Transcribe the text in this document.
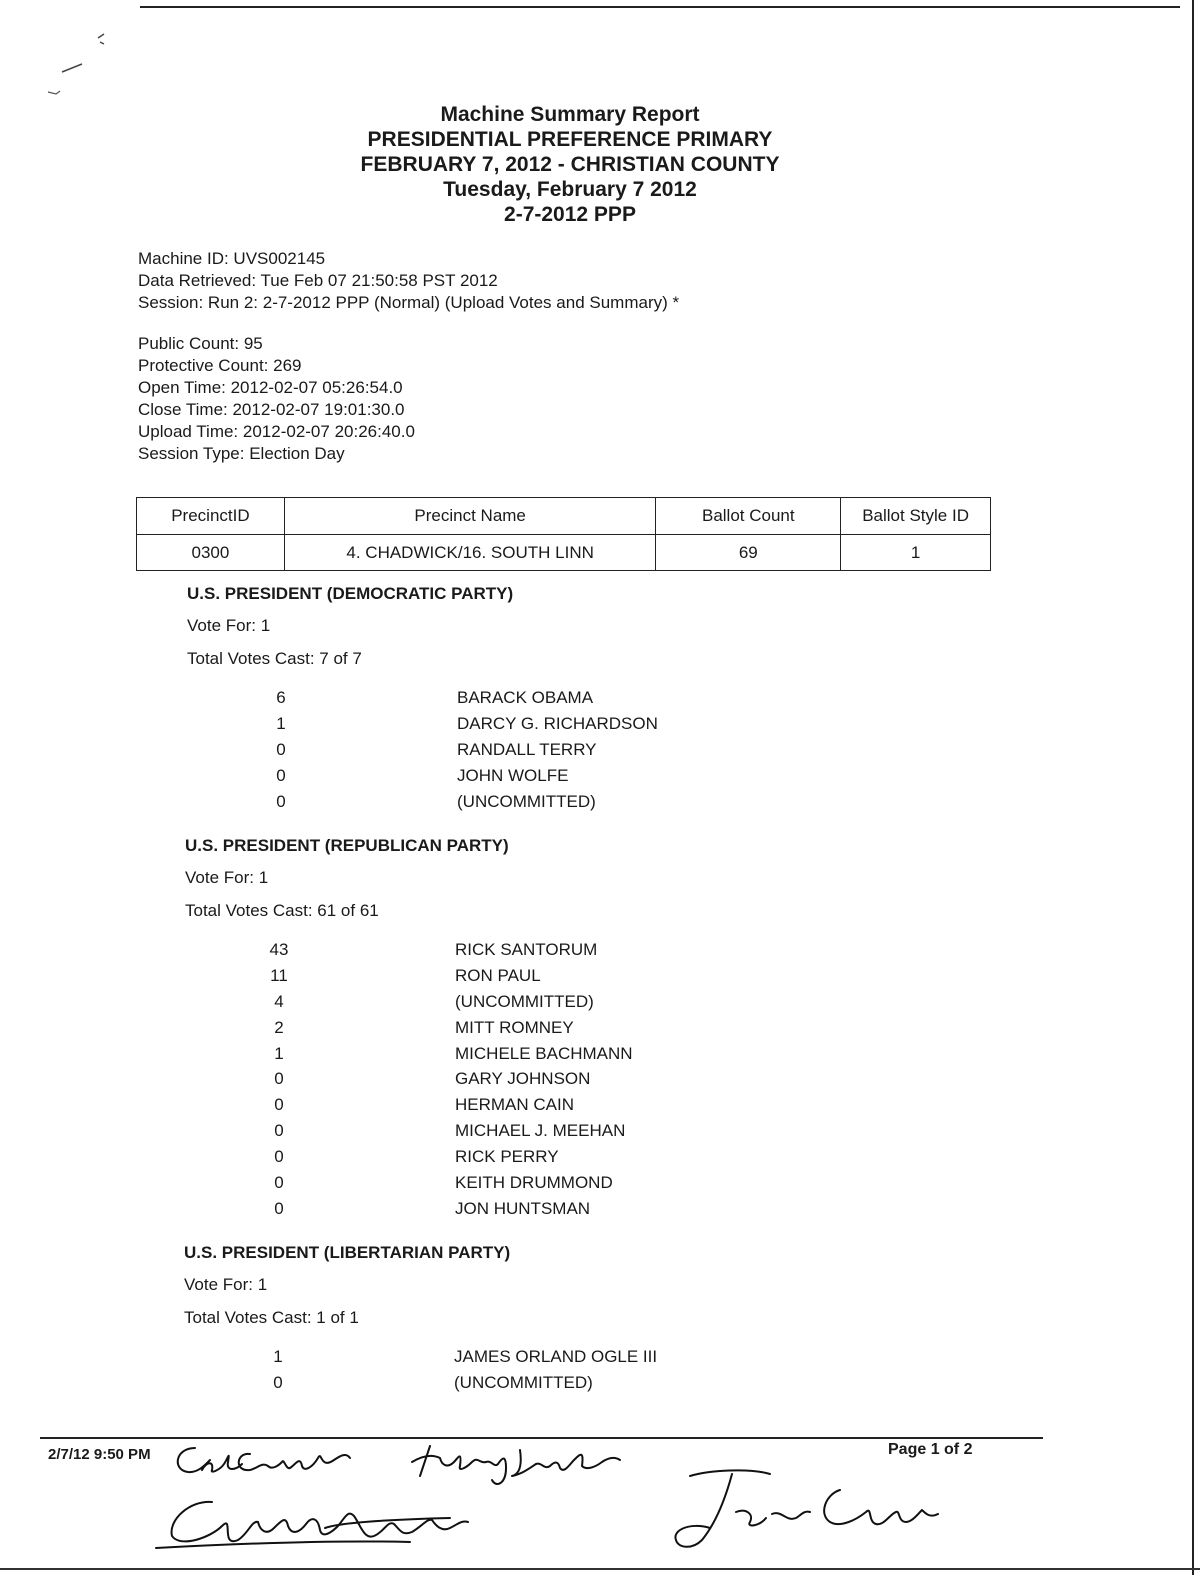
Machine Summary Report
PRESIDENTIAL PREFERENCE PRIMARY
FEBRUARY 7, 2012 - CHRISTIAN COUNTY
Tuesday, February 7 2012
2-7-2012 PPP
Machine ID: UVS002145
Data Retrieved: Tue Feb 07 21:50:58 PST 2012
Session: Run 2: 2-7-2012 PPP (Normal) (Upload Votes and Summary) *
Public Count: 95
Protective Count: 269
Open Time: 2012-02-07 05:26:54.0
Close Time: 2012-02-07 19:01:30.0
Upload Time: 2012-02-07 20:26:40.0
Session Type: Election Day
PrecinctID	Precinct Name	Ballot Count	Ballot Style ID
0300	4. CHADWICK/16. SOUTH LINN	69	1
U.S. PRESIDENT (DEMOCRATIC PARTY)
Vote For: 1
Total Votes Cast: 7 of 7
6	BARACK OBAMA
1	DARCY G. RICHARDSON
0	RANDALL TERRY
0	JOHN WOLFE
0	(UNCOMMITTED)
U.S. PRESIDENT (REPUBLICAN PARTY)
Vote For: 1
Total Votes Cast: 61 of 61
43	RICK SANTORUM
11	RON PAUL
4	(UNCOMMITTED)
2	MITT ROMNEY
1	MICHELE BACHMANN
0	GARY JOHNSON
0	HERMAN CAIN
0	MICHAEL J. MEEHAN
0	RICK PERRY
0	KEITH DRUMMOND
0	JON HUNTSMAN
U.S. PRESIDENT (LIBERTARIAN PARTY)
Vote For: 1
Total Votes Cast: 1 of 1
1	JAMES ORLAND OGLE III
0	(UNCOMMITTED)
2/7/12 9:50 PM	Page 1 of 2
